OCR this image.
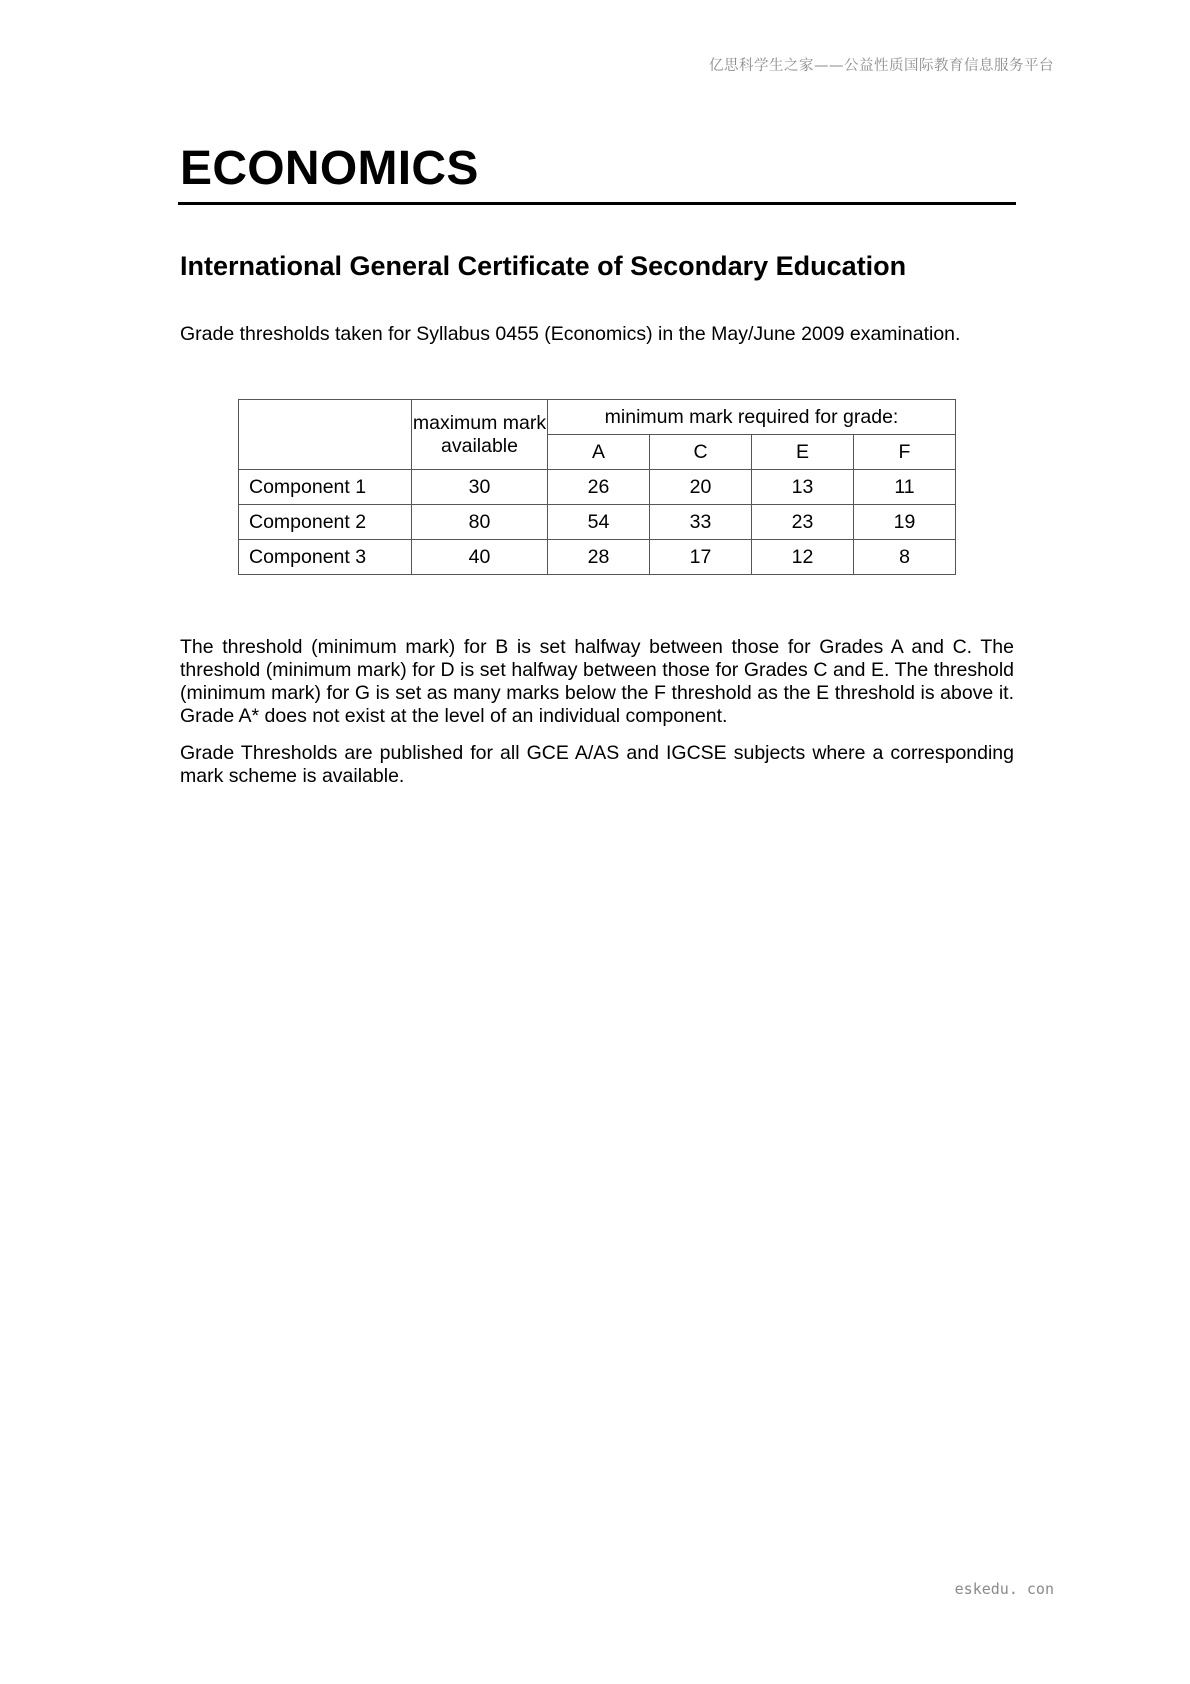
亿思科学生之家——公益性质国际教育信息服务平台
ECONOMICS
International General Certificate of Secondary Education

Grade thresholds taken for Syllabus 0455 (Economics) in the May/June 2009 examination.

	maximum mark available	minimum mark required for grade:			
		A	C	E	F
Component 1	30	26	20	13	11
Component 2	80	54	33	23	19
Component 3	40	28	17	12	8

The threshold (minimum mark) for B is set halfway between those for Grades A and C. The threshold (minimum mark) for D is set halfway between those for Grades C and E. The threshold (minimum mark) for G is set as many marks below the F threshold as the E threshold is above it. Grade A* does not exist at the level of an individual component.

Grade Thresholds are published for all GCE A/AS and IGCSE subjects where a corresponding mark scheme is available.

eskedu. con
